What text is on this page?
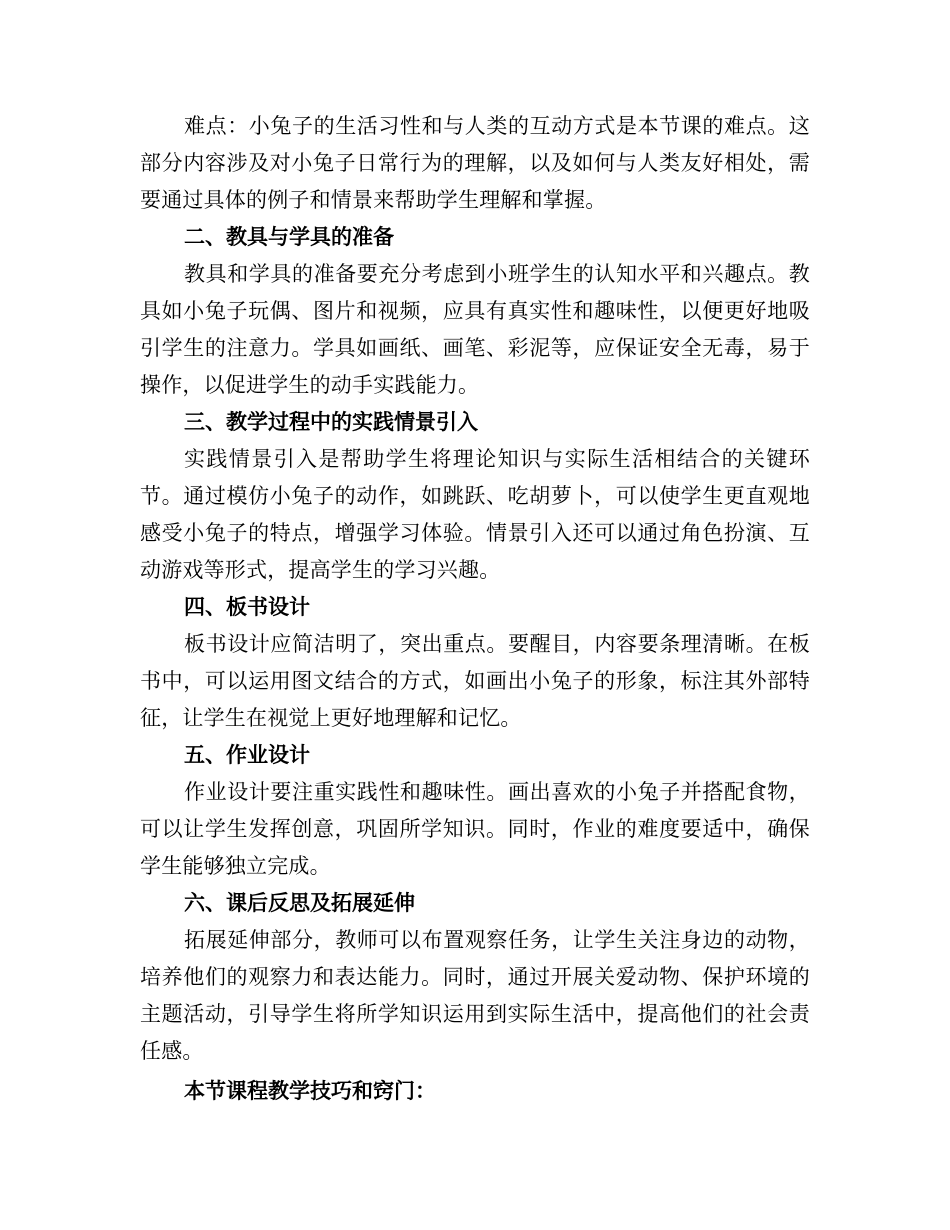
难点：小兔子的生活习性和与人类的互动方式是本节课的难点。这部分内容涉及对小兔子日常行为的理解，以及如何与人类友好相处，需要通过具体的例子和情景来帮助学生理解和掌握。

二、教具与学具的准备

教具和学具的准备要充分考虑到小班学生的认知水平和兴趣点。教具如小兔子玩偶、图片和视频，应具有真实性和趣味性，以便更好地吸引学生的注意力。学具如画纸、画笔、彩泥等，应保证安全无毒，易于操作，以促进学生的动手实践能力。

三、教学过程中的实践情景引入

实践情景引入是帮助学生将理论知识与实际生活相结合的关键环节。通过模仿小兔子的动作，如跳跃、吃胡萝卜，可以使学生更直观地感受小兔子的特点，增强学习体验。情景引入还可以通过角色扮演、互动游戏等形式，提高学生的学习兴趣。

四、板书设计

板书设计应简洁明了，突出重点。要醒目，内容要条理清晰。在板书中，可以运用图文结合的方式，如画出小兔子的形象，标注其外部特征，让学生在视觉上更好地理解和记忆。

五、作业设计

作业设计要注重实践性和趣味性。画出喜欢的小兔子并搭配食物，可以让学生发挥创意，巩固所学知识。同时，作业的难度要适中，确保学生能够独立完成。

六、课后反思及拓展延伸

拓展延伸部分，教师可以布置观察任务，让学生关注身边的动物，培养他们的观察力和表达能力。同时，通过开展关爱动物、保护环境的主题活动，引导学生将所学知识运用到实际生活中，提高他们的社会责任感。

本节课程教学技巧和窍门：
